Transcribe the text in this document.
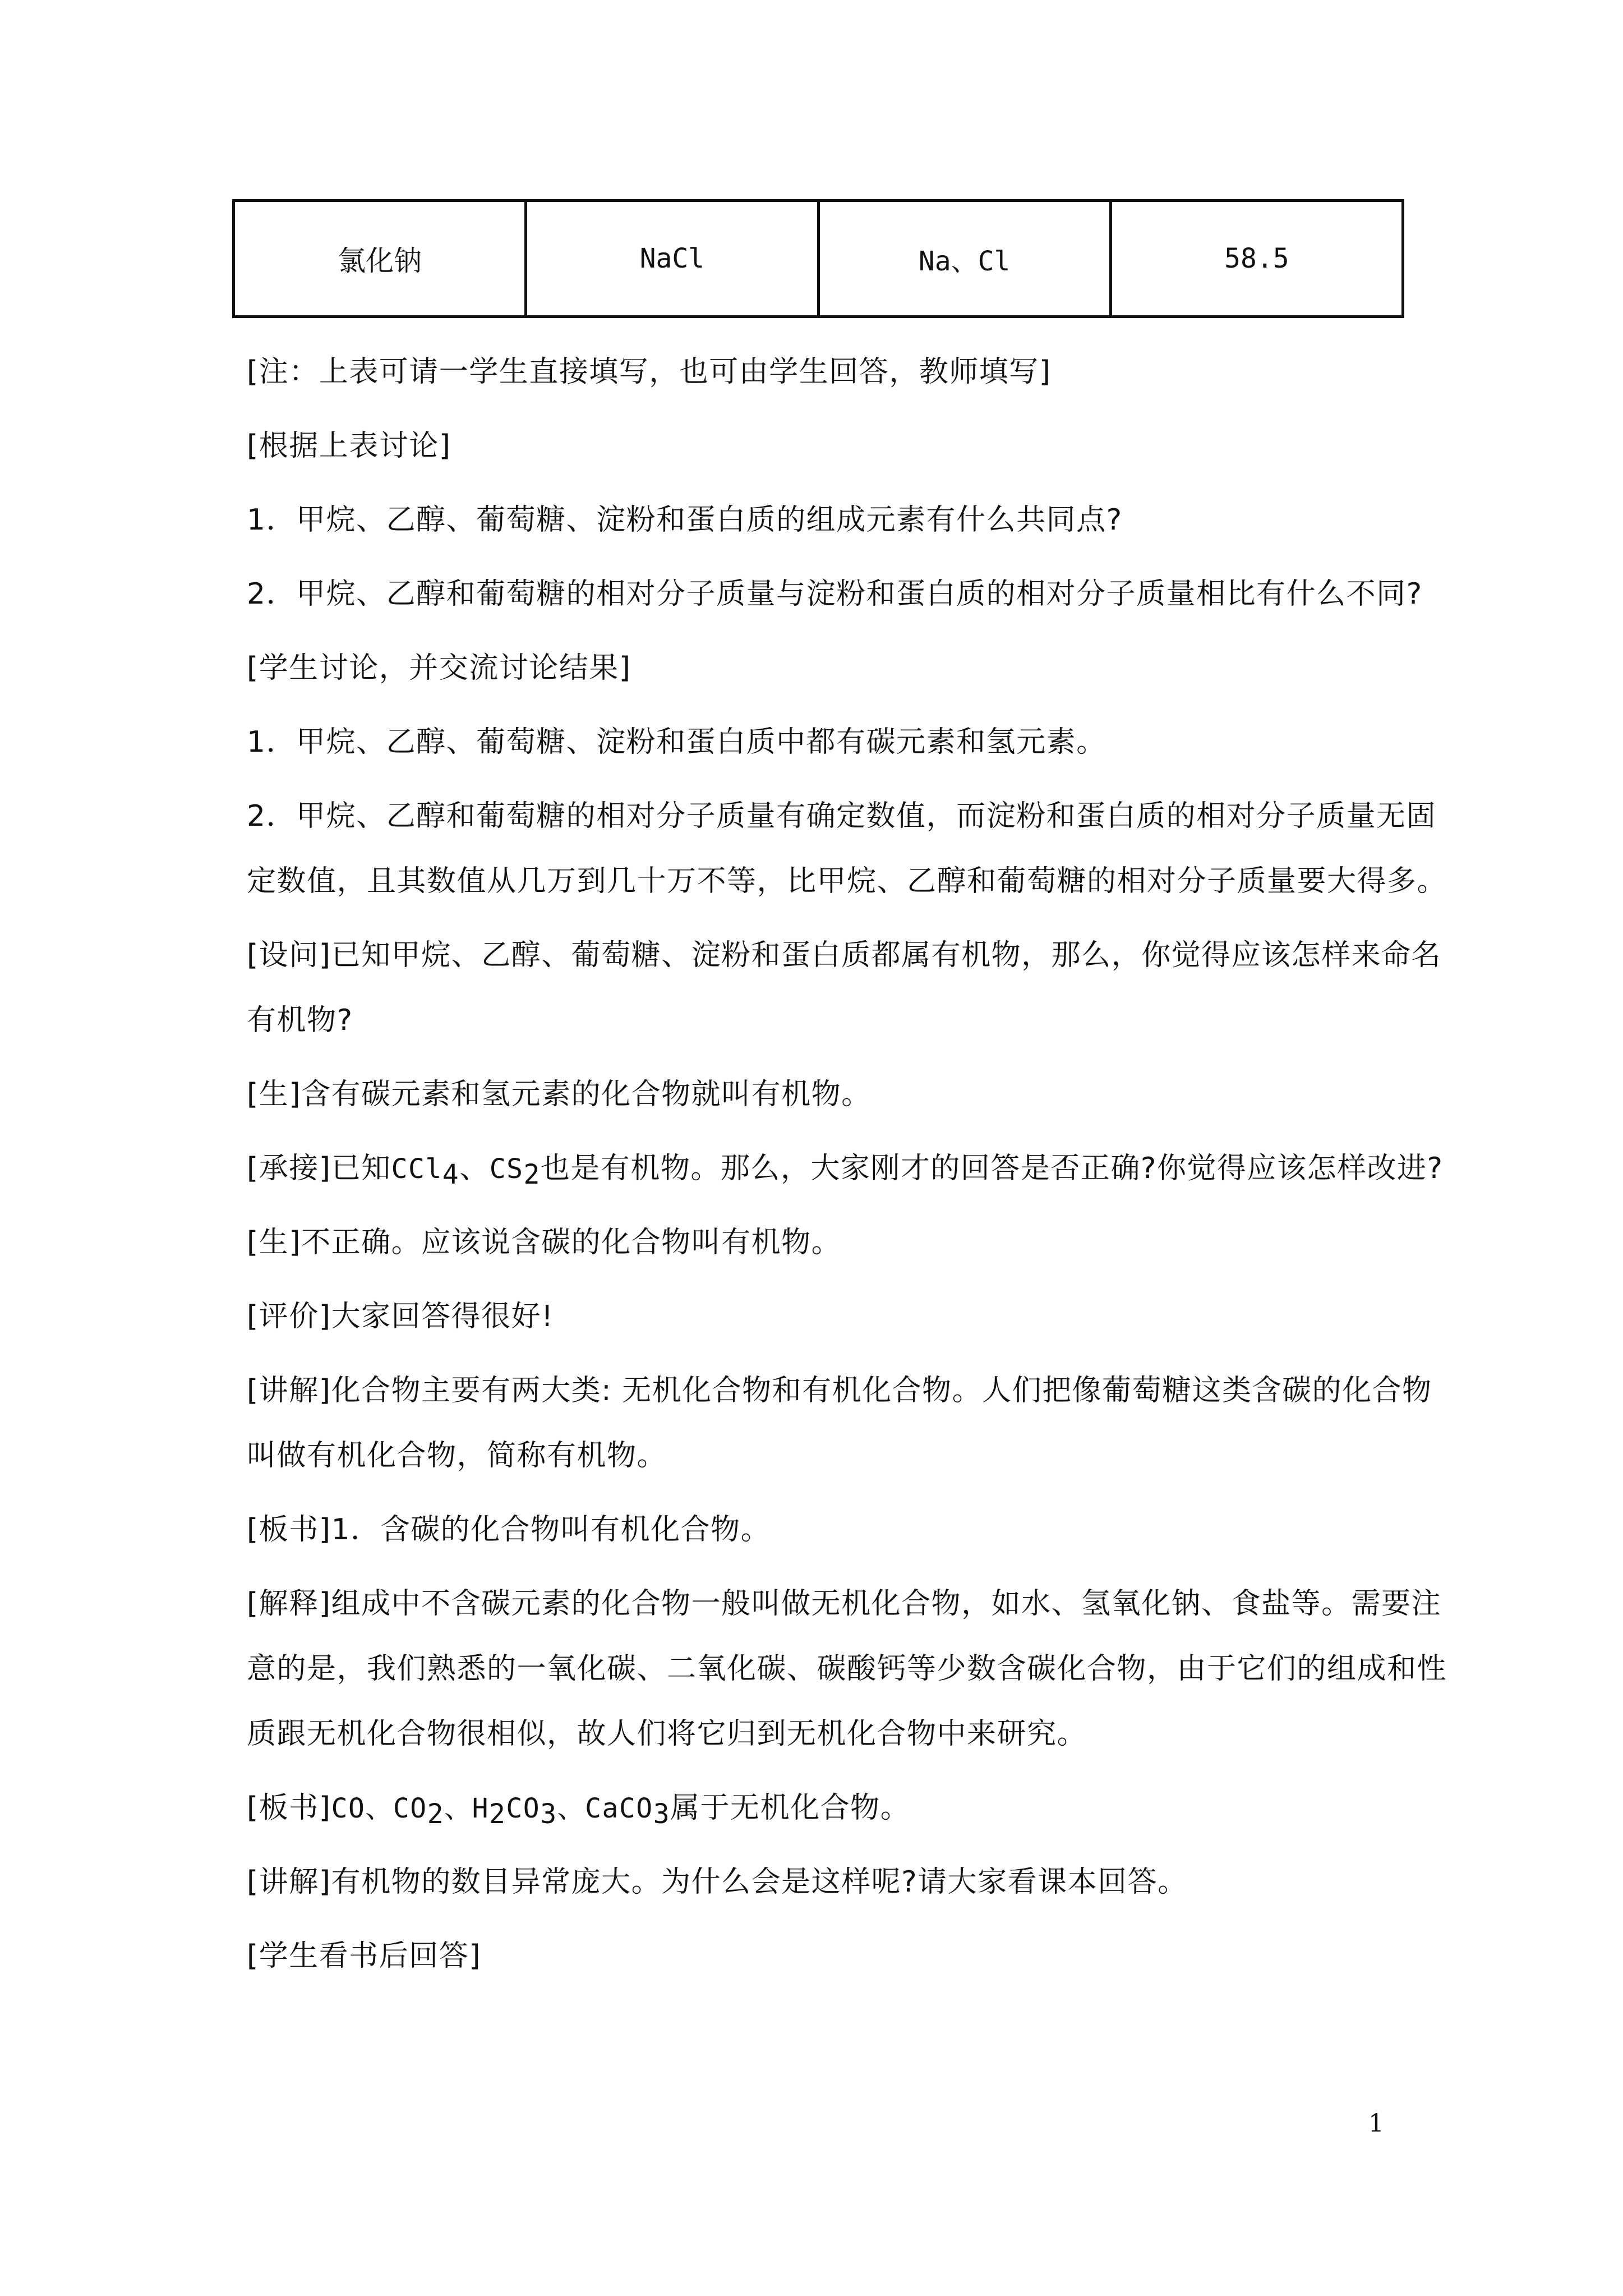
氯化钠	NaCl	Na、Cl	58.5
[注：上表可请一学生直接填写，也可由学生回答，教师填写]
[根据上表讨论]
1．甲烷、乙醇、葡萄糖、淀粉和蛋白质的组成元素有什么共同点?
2．甲烷、乙醇和葡萄糖的相对分子质量与淀粉和蛋白质的相对分子质量相比有什么不同?
[学生讨论，并交流讨论结果]
1．甲烷、乙醇、葡萄糖、淀粉和蛋白质中都有碳元素和氢元素。
2．甲烷、乙醇和葡萄糖的相对分子质量有确定数值，而淀粉和蛋白质的相对分子质量无固
定数值，且其数值从几万到几十万不等，比甲烷、乙醇和葡萄糖的相对分子质量要大得多。
[设问]已知甲烷、乙醇、葡萄糖、淀粉和蛋白质都属有机物，那么，你觉得应该怎样来命名
有机物?
[生]含有碳元素和氢元素的化合物就叫有机物。
[承接]已知CCl$_4$、$CS_2$也是有机物。那么，大家刚才的回答是否正确?你觉得应该怎样改进?
[生]不正确。应该说含碳的化合物叫有机物。
[评价]大家回答得很好!
[讲解]化合物主要有两大类: 无机化合物和有机化合物。人们把像葡萄糖这类含碳的化合物
叫做有机化合物，简称有机物。
[板书]1．含碳的化合物叫有机化合物。
[解释]组成中不含碳元素的化合物一般叫做无机化合物，如水、氢氧化钠、食盐等。需要注
意的是，我们熟悉的一氧化碳、二氧化碳、碳酸钙等少数含碳化合物，由于它们的组成和性
质跟无机化合物很相似，故人们将它归到无机化合物中来研究。
[板书]CO、$CO_2$、$H_2CO_3$、CaCO$_3$属于无机化合物。
[讲解]有机物的数目异常庞大。为什么会是这样呢?请大家看课本回答。
[学生看书后回答]
1
